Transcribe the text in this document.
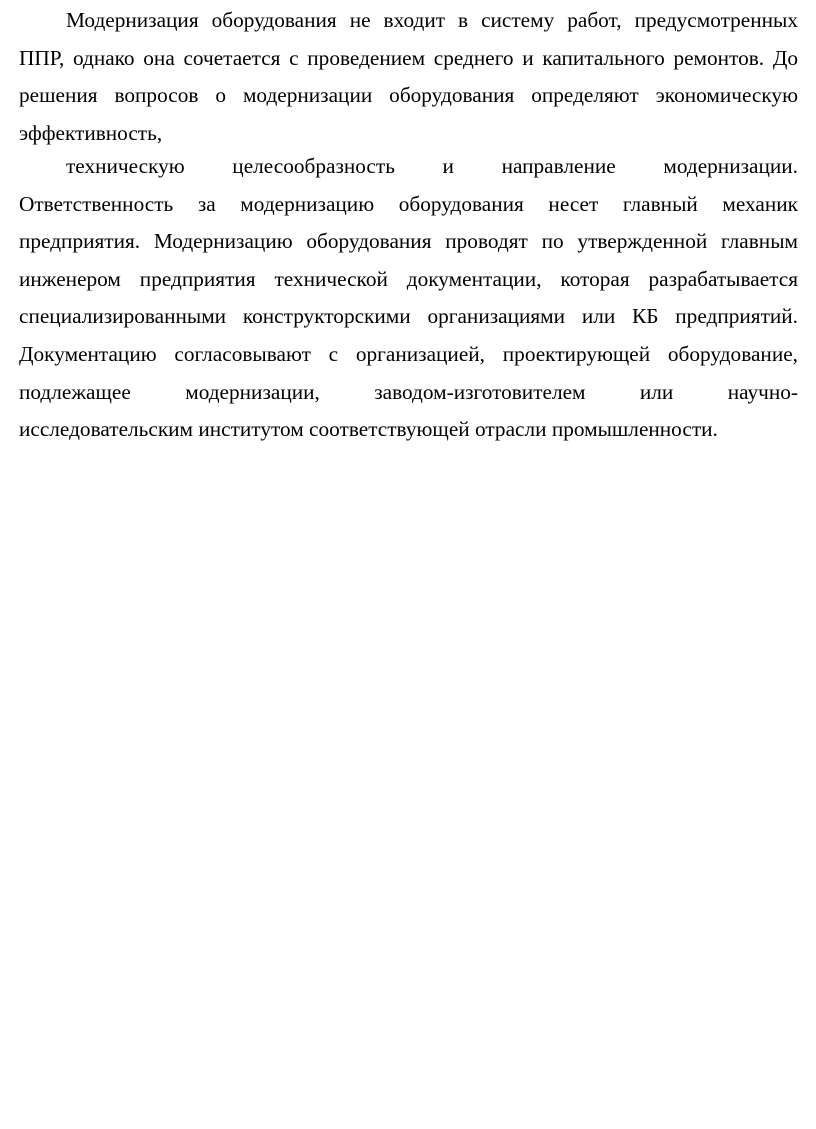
Модернизация оборудования не входит в систему работ, предусмотренных
ППР, однако она сочетается с проведением среднего и капитального ремонтов. До
решения вопросов о модернизации оборудования определяют экономическую
эффективность,
техническую целесообразность и направление модернизации.
Ответственность за модернизацию оборудования несет главный механик
предприятия. Модернизацию оборудования проводят по утвержденной главным
инженером предприятия технической документации, которая разрабатывается
специализированными конструкторскими организациями или КБ предприятий.
Документацию согласовывают с организацией, проектирующей оборудование,
подлежащее модернизации, заводом-изготовителем или научно-
исследовательским институтом соответствующей отрасли промышленности.
